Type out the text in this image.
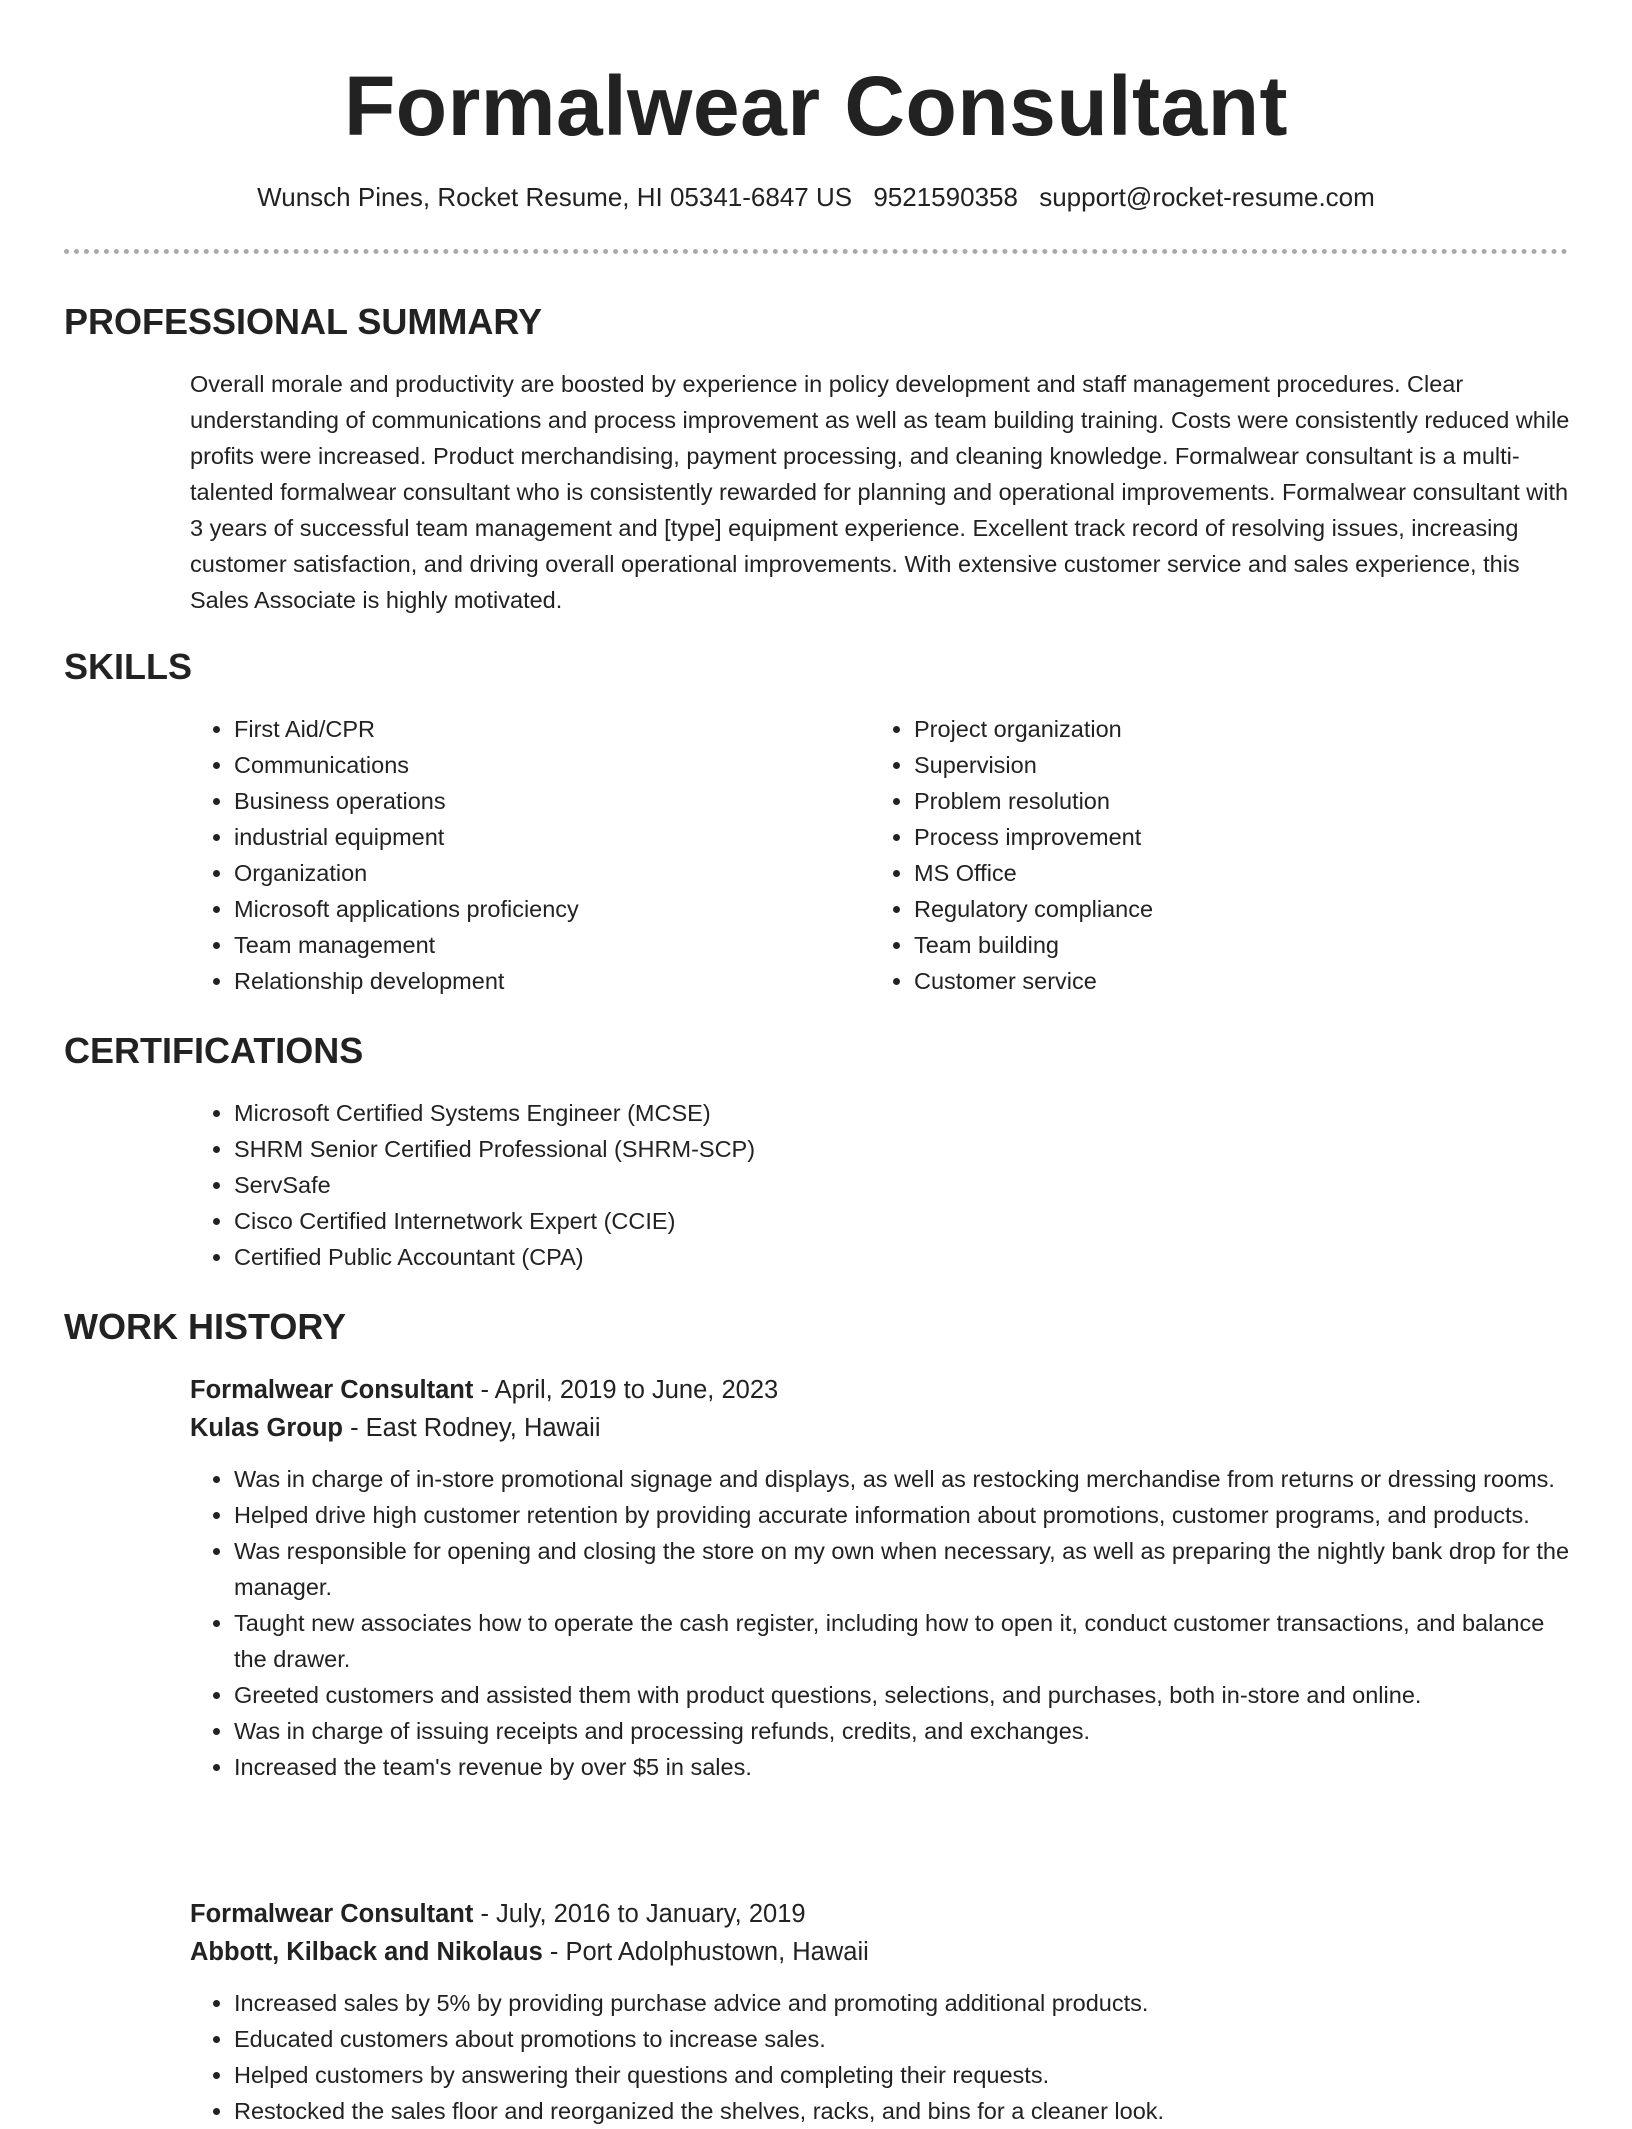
Formalwear Consultant
Wunsch Pines, Rocket Resume, HI 05341-6847 US 9521590358 support@rocket-resume.com
PROFESSIONAL SUMMARY

Overall morale and productivity are boosted by experience in policy development and staff management procedures. Clear understanding of communications and process improvement as well as team building training. Costs were consistently reduced while profits were increased. Product merchandising, payment processing, and cleaning knowledge. Formalwear consultant is a multi-talented formalwear consultant who is consistently rewarded for planning and operational improvements. Formalwear consultant with 3 years of successful team management and [type] equipment experience. Excellent track record of resolving issues, increasing customer satisfaction, and driving overall operational improvements. With extensive customer service and sales experience, this Sales Associate is highly motivated.

SKILLS
• First Aid/CPR
• Communications
• Business operations
• industrial equipment
• Organization
• Microsoft applications proficiency
• Team management
• Relationship development
• Project organization
• Supervision
• Problem resolution
• Process improvement
• MS Office
• Regulatory compliance
• Team building
• Customer service
CERTIFICATIONS
• Microsoft Certified Systems Engineer (MCSE)
• SHRM Senior Certified Professional (SHRM-SCP)
• ServSafe
• Cisco Certified Internetwork Expert (CCIE)
• Certified Public Accountant (CPA)
WORK HISTORY
Formalwear Consultant - April, 2019 to June, 2023
Kulas Group - East Rodney, Hawaii
• Was in charge of in-store promotional signage and displays, as well as restocking merchandise from returns or dressing rooms.
• Helped drive high customer retention by providing accurate information about promotions, customer programs, and products.
• Was responsible for opening and closing the store on my own when necessary, as well as preparing the nightly bank drop for the manager.
• Taught new associates how to operate the cash register, including how to open it, conduct customer transactions, and balance the drawer.
• Greeted customers and assisted them with product questions, selections, and purchases, both in-store and online.
• Was in charge of issuing receipts and processing refunds, credits, and exchanges.
• Increased the team's revenue by over $5 in sales.
Formalwear Consultant - July, 2016 to January, 2019
Abbott, Kilback and Nikolaus - Port Adolphustown, Hawaii
• Increased sales by 5% by providing purchase advice and promoting additional products.
• Educated customers about promotions to increase sales.
• Helped customers by answering their questions and completing their requests.
• Restocked the sales floor and reorganized the shelves, racks, and bins for a cleaner look.
